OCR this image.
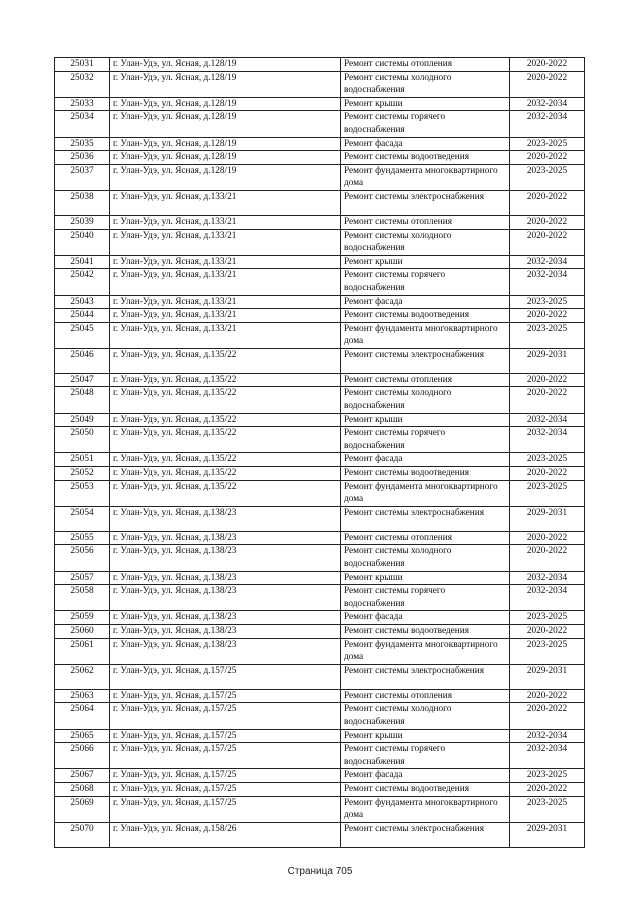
25031	г. Улан-Удэ, ул. Ясная, д.128/19	Ремонт системы отопления	2020-2022
25032	г. Улан-Удэ, ул. Ясная, д.128/19	Ремонт системы холодного водоснабжения	2020-2022
25033	г. Улан-Удэ, ул. Ясная, д.128/19	Ремонт крыши	2032-2034
25034	г. Улан-Удэ, ул. Ясная, д.128/19	Ремонт системы горячего водоснабжения	2032-2034
25035	г. Улан-Удэ, ул. Ясная, д.128/19	Ремонт фасада	2023-2025
25036	г. Улан-Удэ, ул. Ясная, д.128/19	Ремонт системы водоотведения	2020-2022
25037	г. Улан-Удэ, ул. Ясная, д.128/19	Ремонт фундамента многоквартирного дома	2023-2025
25038	г. Улан-Удэ, ул. Ясная, д.133/21	Ремонт системы электроснабжения	2020-2022
25039	г. Улан-Удэ, ул. Ясная, д.133/21	Ремонт системы отопления	2020-2022
25040	г. Улан-Удэ, ул. Ясная, д.133/21	Ремонт системы холодного водоснабжения	2020-2022
25041	г. Улан-Удэ, ул. Ясная, д.133/21	Ремонт крыши	2032-2034
25042	г. Улан-Удэ, ул. Ясная, д.133/21	Ремонт системы горячего водоснабжения	2032-2034
25043	г. Улан-Удэ, ул. Ясная, д.133/21	Ремонт фасада	2023-2025
25044	г. Улан-Удэ, ул. Ясная, д.133/21	Ремонт системы водоотведения	2020-2022
25045	г. Улан-Удэ, ул. Ясная, д.133/21	Ремонт фундамента многоквартирного дома	2023-2025
25046	г. Улан-Удэ, ул. Ясная, д.135/22	Ремонт системы электроснабжения	2029-2031
25047	г. Улан-Удэ, ул. Ясная, д.135/22	Ремонт системы отопления	2020-2022
25048	г. Улан-Удэ, ул. Ясная, д.135/22	Ремонт системы холодного водоснабжения	2020-2022
25049	г. Улан-Удэ, ул. Ясная, д.135/22	Ремонт крыши	2032-2034
25050	г. Улан-Удэ, ул. Ясная, д.135/22	Ремонт системы горячего водоснабжения	2032-2034
25051	г. Улан-Удэ, ул. Ясная, д.135/22	Ремонт фасада	2023-2025
25052	г. Улан-Удэ, ул. Ясная, д.135/22	Ремонт системы водоотведения	2020-2022
25053	г. Улан-Удэ, ул. Ясная, д.135/22	Ремонт фундамента многоквартирного дома	2023-2025
25054	г. Улан-Удэ, ул. Ясная, д.138/23	Ремонт системы электроснабжения	2029-2031
25055	г. Улан-Удэ, ул. Ясная, д.138/23	Ремонт системы отопления	2020-2022
25056	г. Улан-Удэ, ул. Ясная, д.138/23	Ремонт системы холодного водоснабжения	2020-2022
25057	г. Улан-Удэ, ул. Ясная, д.138/23	Ремонт крыши	2032-2034
25058	г. Улан-Удэ, ул. Ясная, д.138/23	Ремонт системы горячего водоснабжения	2032-2034
25059	г. Улан-Удэ, ул. Ясная, д.138/23	Ремонт фасада	2023-2025
25060	г. Улан-Удэ, ул. Ясная, д.138/23	Ремонт системы водоотведения	2020-2022
25061	г. Улан-Удэ, ул. Ясная, д.138/23	Ремонт фундамента многоквартирного дома	2023-2025
25062	г. Улан-Удэ, ул. Ясная, д.157/25	Ремонт системы электроснабжения	2029-2031
25063	г. Улан-Удэ, ул. Ясная, д.157/25	Ремонт системы отопления	2020-2022
25064	г. Улан-Удэ, ул. Ясная, д.157/25	Ремонт системы холодного водоснабжения	2020-2022
25065	г. Улан-Удэ, ул. Ясная, д.157/25	Ремонт крыши	2032-2034
25066	г. Улан-Удэ, ул. Ясная, д.157/25	Ремонт системы горячего водоснабжения	2032-2034
25067	г. Улан-Удэ, ул. Ясная, д.157/25	Ремонт фасада	2023-2025
25068	г. Улан-Удэ, ул. Ясная, д.157/25	Ремонт системы водоотведения	2020-2022
25069	г. Улан-Удэ, ул. Ясная, д.157/25	Ремонт фундамента многоквартирного дома	2023-2025
25070	г. Улан-Удэ, ул. Ясная, д.158/26	Ремонт системы электроснабжения	2029-2031
Страница 705
